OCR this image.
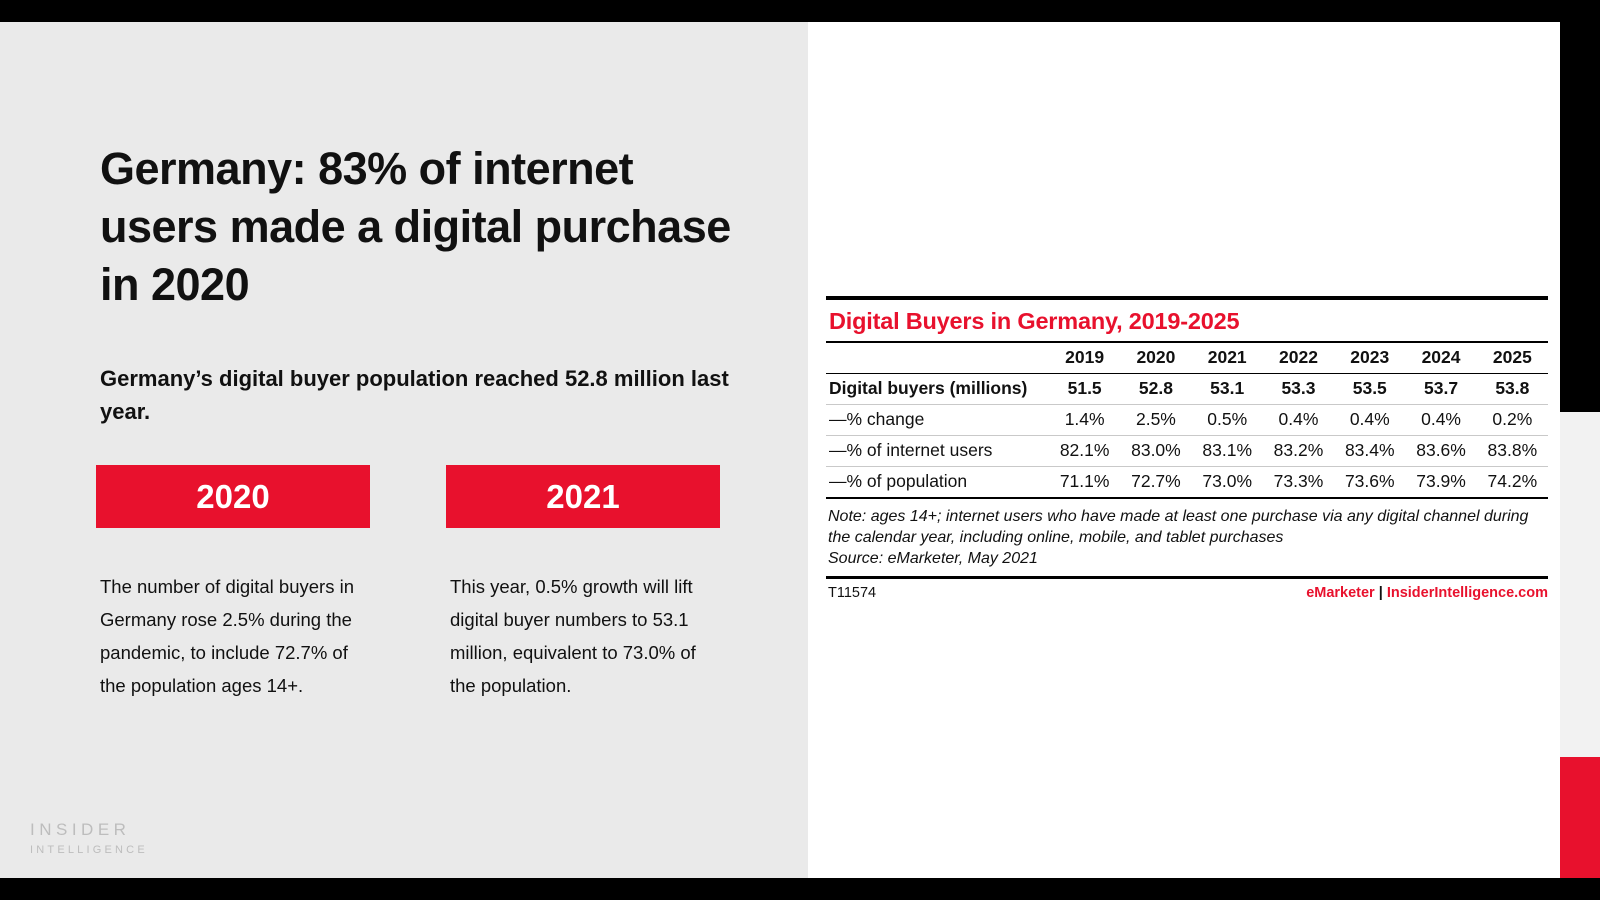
Germany: 83% of internet users made a digital purchase in 2020

Germany’s digital buyer population reached 52.8 million last year.

2020
The number of digital buyers in Germany rose 2.5% during the pandemic, to include 72.7% of the population ages 14+.
2021
This year, 0.5% growth will lift digital buyer numbers to 53.1 million, equivalent to 73.0% of the population.
INSIDER
INTELLIGENCE
Digital Buyers in Germany, 2019-2025
	2019	2020	2021	2022	2023	2024	2025
Digital buyers (millions)	51.5	52.8	53.1	53.3	53.5	53.7	53.8
—% change	1.4%	2.5%	0.5%	0.4%	0.4%	0.4%	0.2%
—% of internet users	82.1%	83.0%	83.1%	83.2%	83.4%	83.6%	83.8%
—% of population	71.1%	72.7%	73.0%	73.3%	73.6%	73.9%	74.2%
Note: ages 14+; internet users who have made at least one purchase via any digital channel during the calendar year, including online, mobile, and tablet purchases
Source: eMarketer, May 2021
T11574	eMarketer | InsiderIntelligence.com
